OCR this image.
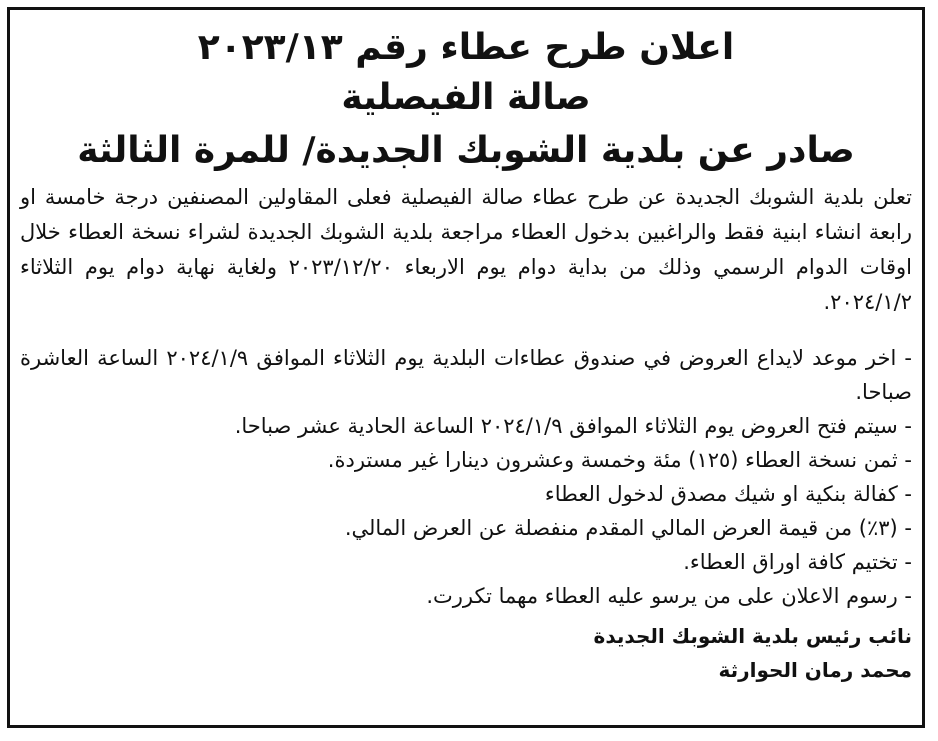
اعلان طرح عطاء رقم ٢٠٢٣/١٣
صالة الفيصلية
صادر عن بلدية الشوبك الجديدة/ للمرة الثالثة

تعلن بلدية الشوبك الجديدة عن طرح عطاء صالة الفيصلية فعلى المقاولين المصنفين درجة خامسة او رابعة انشاء ابنية فقط والراغبين بدخول العطاء مراجعة بلدية الشوبك الجديدة لشراء نسخة العطاء خلال اوقات الدوام الرسمي وذلك من بداية دوام يوم الاربعاء ٢٠٢٣/١٢/٢٠ ولغاية نهاية دوام يوم الثلاثاء ٢٠٢٤/١/٢.

- اخر موعد لايداع العروض في صندوق عطاءات البلدية يوم الثلاثاء الموافق ٢٠٢٤/١/٩ الساعة العاشرة صباحا.
- سيتم فتح العروض يوم الثلاثاء الموافق ٢٠٢٤/١/٩ الساعة الحادية عشر صباحا.
- ثمن نسخة العطاء (١٢٥) مئة وخمسة وعشرون دينارا غير مستردة.
- كفالة بنكية او شيك مصدق لدخول العطاء
- (٣٪) من قيمة العرض المالي المقدم منفصلة عن العرض المالي.
- تختيم كافة اوراق العطاء.
- رسوم الاعلان على من يرسو عليه العطاء مهما تكررت.
نائب رئيس بلدية الشوبك الجديدة
محمد رمان الحوارثة
